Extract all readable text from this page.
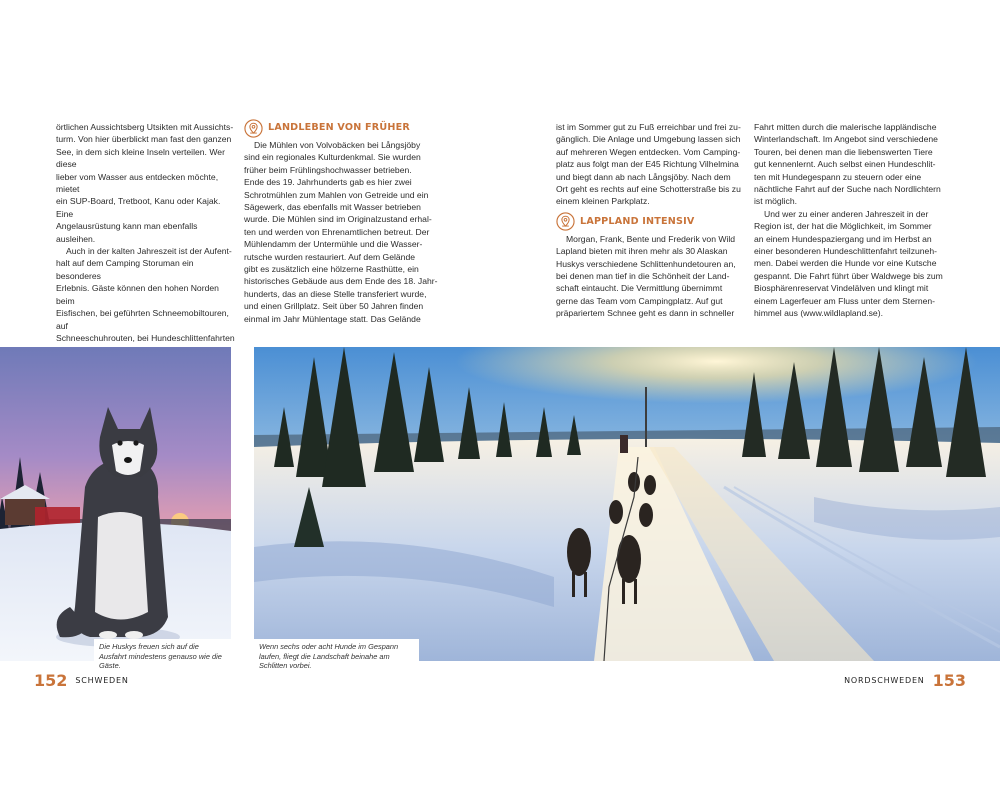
örtlichen Aussichtsberg Utsikten mit Aussichts-

turm. Von hier überblickt man fast den ganzen

See, in dem sich kleine Inseln verteilen. Wer diese

lieber vom Wasser aus entdecken möchte, mietet

ein SUP-Board, Tretboot, Kanu oder Kajak. Eine

Angelausrüstung kann man ebenfalls ausleihen.

Auch in der kalten Jahreszeit ist der Aufent-

halt auf dem Camping Storuman ein besonderes

Erlebnis. Gäste können den hohen Norden beim

Eisfischen, bei geführten Schneemobiltouren, auf

Schneeschuhrouten, bei Hundeschlittenfahrten

LANDLEBEN VON FRÜHER

Die Mühlen von Volvobäcken bei Långsjöby

sind ein regionales Kulturdenkmal. Sie wurden

früher beim Frühlingshochwasser betrieben.

Ende des 19. Jahrhunderts gab es hier zwei

Schrotmühlen zum Mahlen von Getreide und ein

Sägewerk, das ebenfalls mit Wasser betrieben

wurde. Die Mühlen sind im Originalzustand erhal-

ten und werden von Ehrenamtlichen betreut. Der

Mühlendamm der Untermühle und die Wasser-

rutsche wurden restauriert. Auf dem Gelände

gibt es zusätzlich eine hölzerne Rasthütte, ein

historisches Gebäude aus dem Ende des 18. Jahr-

hunderts, das an diese Stelle transferiert wurde,

und einen Grillplatz. Seit über 50 Jahren finden

einmal im Jahr Mühlentage statt. Das Gelände

ist im Sommer gut zu Fuß erreichbar und frei zu-

gänglich. Die Anlage und Umgebung lassen sich

auf mehreren Wegen entdecken. Vom Camping-

platz aus folgt man der E45 Richtung Vilhelmina

und biegt dann ab nach Långsjöby. Nach dem

Ort geht es rechts auf eine Schotterstraße bis zu

einem kleinen Parkplatz.

LAPPLAND INTENSIV

Morgan, Frank, Bente und Frederik von Wild

Lapland bieten mit ihren mehr als 30 Alaskan

Huskys verschiedene Schlittenhundetouren an,

bei denen man tief in die Schönheit der Land-

schaft eintaucht. Die Vermittlung übernimmt

gerne das Team vom Campingplatz. Auf gut

präpariertem Schnee geht es dann in schneller

Fahrt mitten durch die malerische lappländische

Winterlandschaft. Im Angebot sind verschiedene

Touren, bei denen man die liebenswerten Tiere

gut kennenlernt. Auch selbst einen Hundeschlit-

ten mit Hundegespann zu steuern oder eine

nächtliche Fahrt auf der Suche nach Nordlichtern

ist möglich.

Und wer zu einer anderen Jahreszeit in der

Region ist, der hat die Möglichkeit, im Sommer

an einem Hundespaziergang und im Herbst an

einer besonderen Hundeschlittenfahrt teilzuneh-

men. Dabei werden die Hunde vor eine Kutsche

gespannt. Die Fahrt führt über Waldwege bis zum

Biosphärenreservat Vindelälven und klingt mit

einem Lagerfeuer am Fluss unter dem Sternen-

himmel aus (www.wildlapland.se).

Die Huskys freuen sich auf die Ausfahrt mindestens genauso wie die Gäste.
Wenn sechs oder acht Hunde im Gespann laufen, fliegt die Landschaft beinahe am Schlitten vorbei.
152 SCHWEDEN	NORDSCHWEDEN 153
